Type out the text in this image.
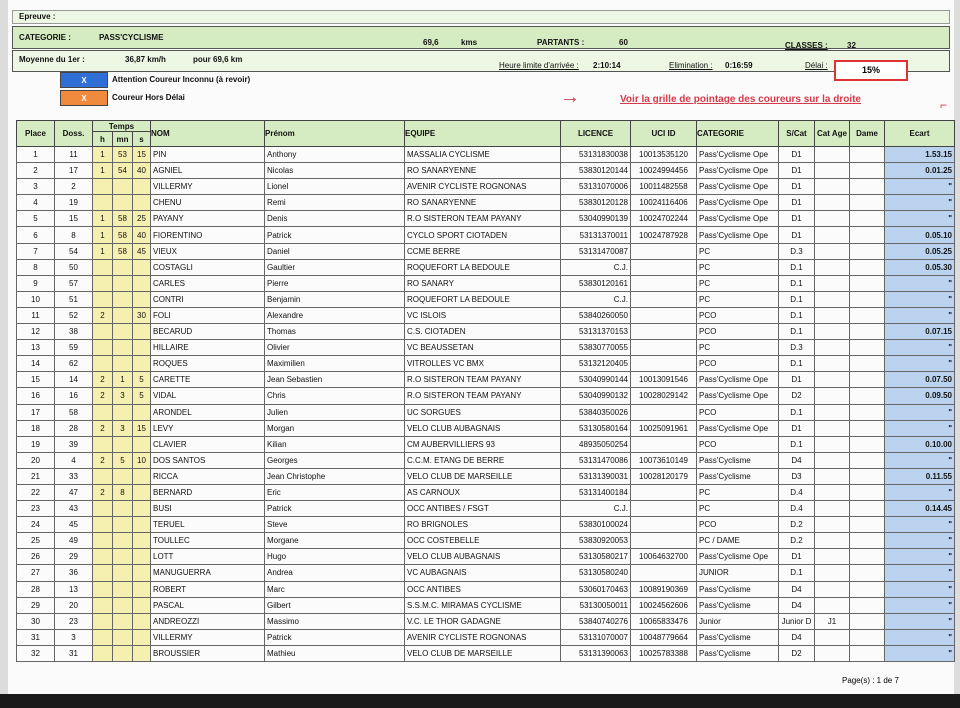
Epreuve :
CATEGORIE :	PASS'CYCLISME
69,6	kms	PARTANTS :	60	CLASSES : 32
Moyenne du 1er :	36,87 km/h	pour 69,6 km
Heure limite d'arrivée : 2:10:14	Elimination : 0:16:59	Délai :	15%
X	Attention Coureur Inconnu (à revoir)
X	Coureur Hors Délai	→	Voir la grille de pointage des coureurs sur la droite	⌐
Place	Doss.	Temps			NOM	Prénom	EQUIPE	LICENCE	UCI ID	CATEGORIE	S/Cat	Cat Age	Dame	Ecart
		h	mn	s										
1	11	1	53	15	PIN	Anthony	MASSALIA CYCLISME	53131830038	10013535120	Pass'Cyclisme Ope	D1			1.53.15
2	17	1	54	40	AGNIEL	Nicolas	RO SANARYENNE	53830120144	10024994456	Pass'Cyclisme Ope	D1			0.01.25
3	2				VILLERMY	Lionel	AVENIR CYCLISTE ROGNONAS	53131070006	10011482558	Pass'Cyclisme Ope	D1			"
4	19				CHENU	Remi	RO SANARYENNE	53830120128	10024116406	Pass'Cyclisme Ope	D1			"
5	15	1	58	25	PAYANY	Denis	R.O SISTERON TEAM PAYANY	53040990139	10024702244	Pass'Cyclisme Ope	D1			"
6	8	1	58	40	FIORENTINO	Patrick	CYCLO SPORT CIOTADEN	53131370011	10024787928	Pass'Cyclisme Ope	D1			0.05.10
7	54	1	58	45	VIEUX	Daniel	CCME BERRE	53131470087		PC	D.3			0.05.25
8	50				COSTAGLI	Gaultier	ROQUEFORT LA BEDOULE	C.J.		PC	D.1			0.05.30
9	57				CARLES	Pierre	RO SANARY	53830120161		PC	D.1			"
10	51				CONTRI	Benjamin	ROQUEFORT LA BEDOULE	C.J.		PC	D.1			"
11	52	2		30	FOLI	Alexandre	VC ISLOIS	53840260050		PCO	D.1			"
12	38				BECARUD	Thomas	C.S. CIOTADEN	53131370153		PCO	D.1			0.07.15
13	59				HILLAIRE	Olivier	VC BEAUSSETAN	53830770055		PC	D.3			"
14	62				ROQUES	Maximilien	VITROLLES VC BMX	53132120405		PCO	D.1			"
15	14	2	1	5	CARETTE	Jean Sebastien	R.O SISTERON TEAM PAYANY	53040990144	10013091546	Pass'Cyclisme Ope	D1			0.07.50
16	16	2	3	5	VIDAL	Chris	R.O SISTERON TEAM PAYANY	53040990132	10028029142	Pass'Cyclisme Ope	D2			0.09.50
17	58				ARONDEL	Julien	UC SORGUES	53840350026		PCO	D.1			"
18	28	2	3	15	LEVY	Morgan	VELO CLUB AUBAGNAIS	53130580164	10025091961	Pass'Cyclisme Ope	D1			"
19	39				CLAVIER	Kilian	CM AUBERVILLIERS 93	48935050254		PCO	D.1			0.10.00
20	4	2	5	10	DOS SANTOS	Georges	C.C.M. ETANG DE BERRE	53131470086	10073610149	Pass'Cyclisme	D4			"
21	33				RICCA	Jean Christophe	VELO CLUB DE MARSEILLE	53131390031	10028120179	Pass'Cyclisme	D3			0.11.55
22	47	2	8		BERNARD	Eric	AS CARNOUX	53131400184		PC	D.4			"
23	43				BUSI	Patrick	OCC ANTIBES / FSGT	C.J.		PC	D.4			0.14.45
24	45				TERUEL	Steve	RO BRIGNOLES	53830100024		PCO	D.2			"
25	49				TOULLEC	Morgane	OCC COSTEBELLE	53830920053		PC / DAME	D.2			"
26	29				LOTT	Hugo	VELO CLUB AUBAGNAIS	53130580217	10064632700	Pass'Cyclisme Ope	D1			"
27	36				MANUGUERRA	Andrea	VC AUBAGNAIS	53130580240		JUNIOR	D.1			"
28	13				ROBERT	Marc	OCC ANTIBES	53060170463	10089190369	Pass'Cyclisme	D4			"
29	20				PASCAL	Gilbert	S.S.M.C. MIRAMAS CYCLISME	53130050011	10024562606	Pass'Cyclisme	D4			"
30	23				ANDREOZZI	Massimo	V.C. LE THOR GADAGNE	53840740276	10065833476	Junior	Junior D	J1		"
31	3				VILLERMY	Patrick	AVENIR CYCLISTE ROGNONAS	53131070007	10048779664	Pass'Cyclisme	D4			"
32	31				BROUSSIER	Mathieu	VELO CLUB DE MARSEILLE	53131390063	10025783388	Pass'Cyclisme	D2			"
Page(s) : 1 de 7
